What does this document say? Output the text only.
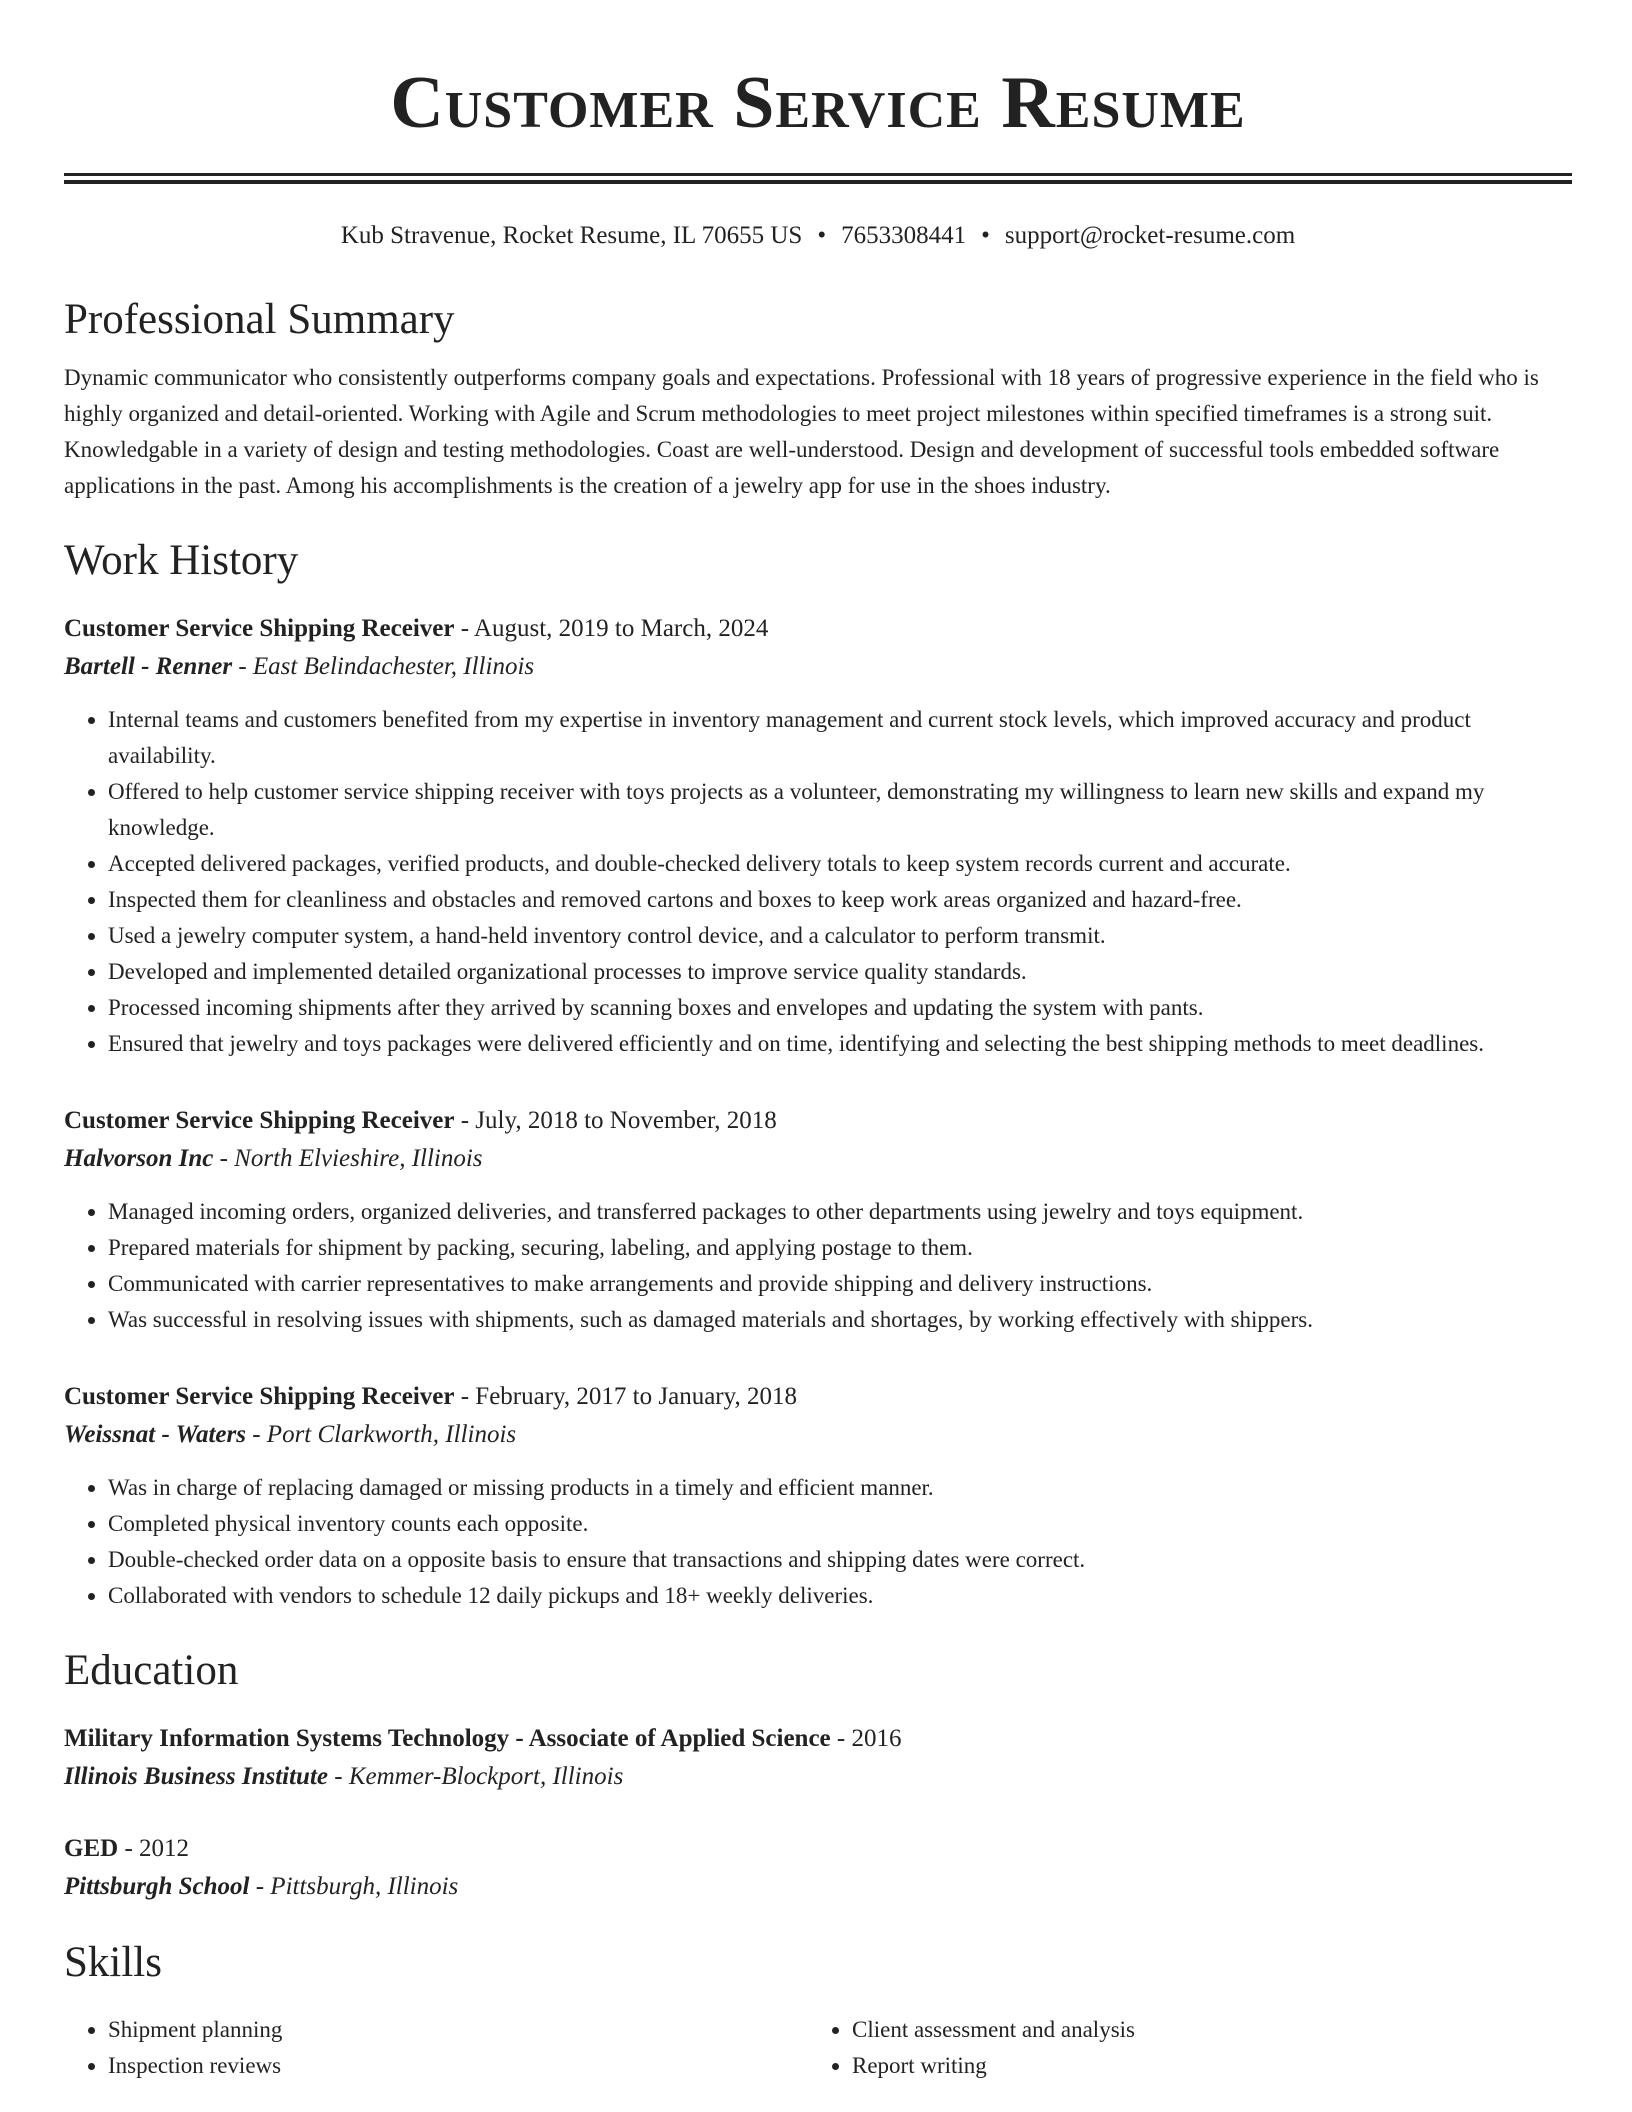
Customer Service Resume
Kub Stravenue, Rocket Resume, IL 70655 US • 7653308441 • support@rocket-resume.com
Professional Summary
Dynamic communicator who consistently outperforms company goals and expectations. Professional with 18 years of progressive experience in the field who is highly organized and detail-oriented. Working with Agile and Scrum methodologies to meet project milestones within specified timeframes is a strong suit. Knowledgable in a variety of design and testing methodologies. Coast are well-understood. Design and development of successful tools embedded software applications in the past. Among his accomplishments is the creation of a jewelry app for use in the shoes industry.
Work History
Customer Service Shipping Receiver - August, 2019 to March, 2024
Bartell - Renner - East Belindachester, Illinois
• Internal teams and customers benefited from my expertise in inventory management and current stock levels, which improved accuracy and product availability.
• Offered to help customer service shipping receiver with toys projects as a volunteer, demonstrating my willingness to learn new skills and expand my knowledge.
• Accepted delivered packages, verified products, and double-checked delivery totals to keep system records current and accurate.
• Inspected them for cleanliness and obstacles and removed cartons and boxes to keep work areas organized and hazard-free.
• Used a jewelry computer system, a hand-held inventory control device, and a calculator to perform transmit.
• Developed and implemented detailed organizational processes to improve service quality standards.
• Processed incoming shipments after they arrived by scanning boxes and envelopes and updating the system with pants.
• Ensured that jewelry and toys packages were delivered efficiently and on time, identifying and selecting the best shipping methods to meet deadlines.
Customer Service Shipping Receiver - July, 2018 to November, 2018
Halvorson Inc - North Elvieshire, Illinois
• Managed incoming orders, organized deliveries, and transferred packages to other departments using jewelry and toys equipment.
• Prepared materials for shipment by packing, securing, labeling, and applying postage to them.
• Communicated with carrier representatives to make arrangements and provide shipping and delivery instructions.
• Was successful in resolving issues with shipments, such as damaged materials and shortages, by working effectively with shippers.
Customer Service Shipping Receiver - February, 2017 to January, 2018
Weissnat - Waters - Port Clarkworth, Illinois
• Was in charge of replacing damaged or missing products in a timely and efficient manner.
• Completed physical inventory counts each opposite.
• Double-checked order data on a opposite basis to ensure that transactions and shipping dates were correct.
• Collaborated with vendors to schedule 12 daily pickups and 18+ weekly deliveries.
Education
Military Information Systems Technology - Associate of Applied Science - 2016
Illinois Business Institute - Kemmer-Blockport, Illinois
GED - 2012
Pittsburgh School - Pittsburgh, Illinois
Skills
• Shipment planning
• Inspection reviews
• Client assessment and analysis
• Report writing
